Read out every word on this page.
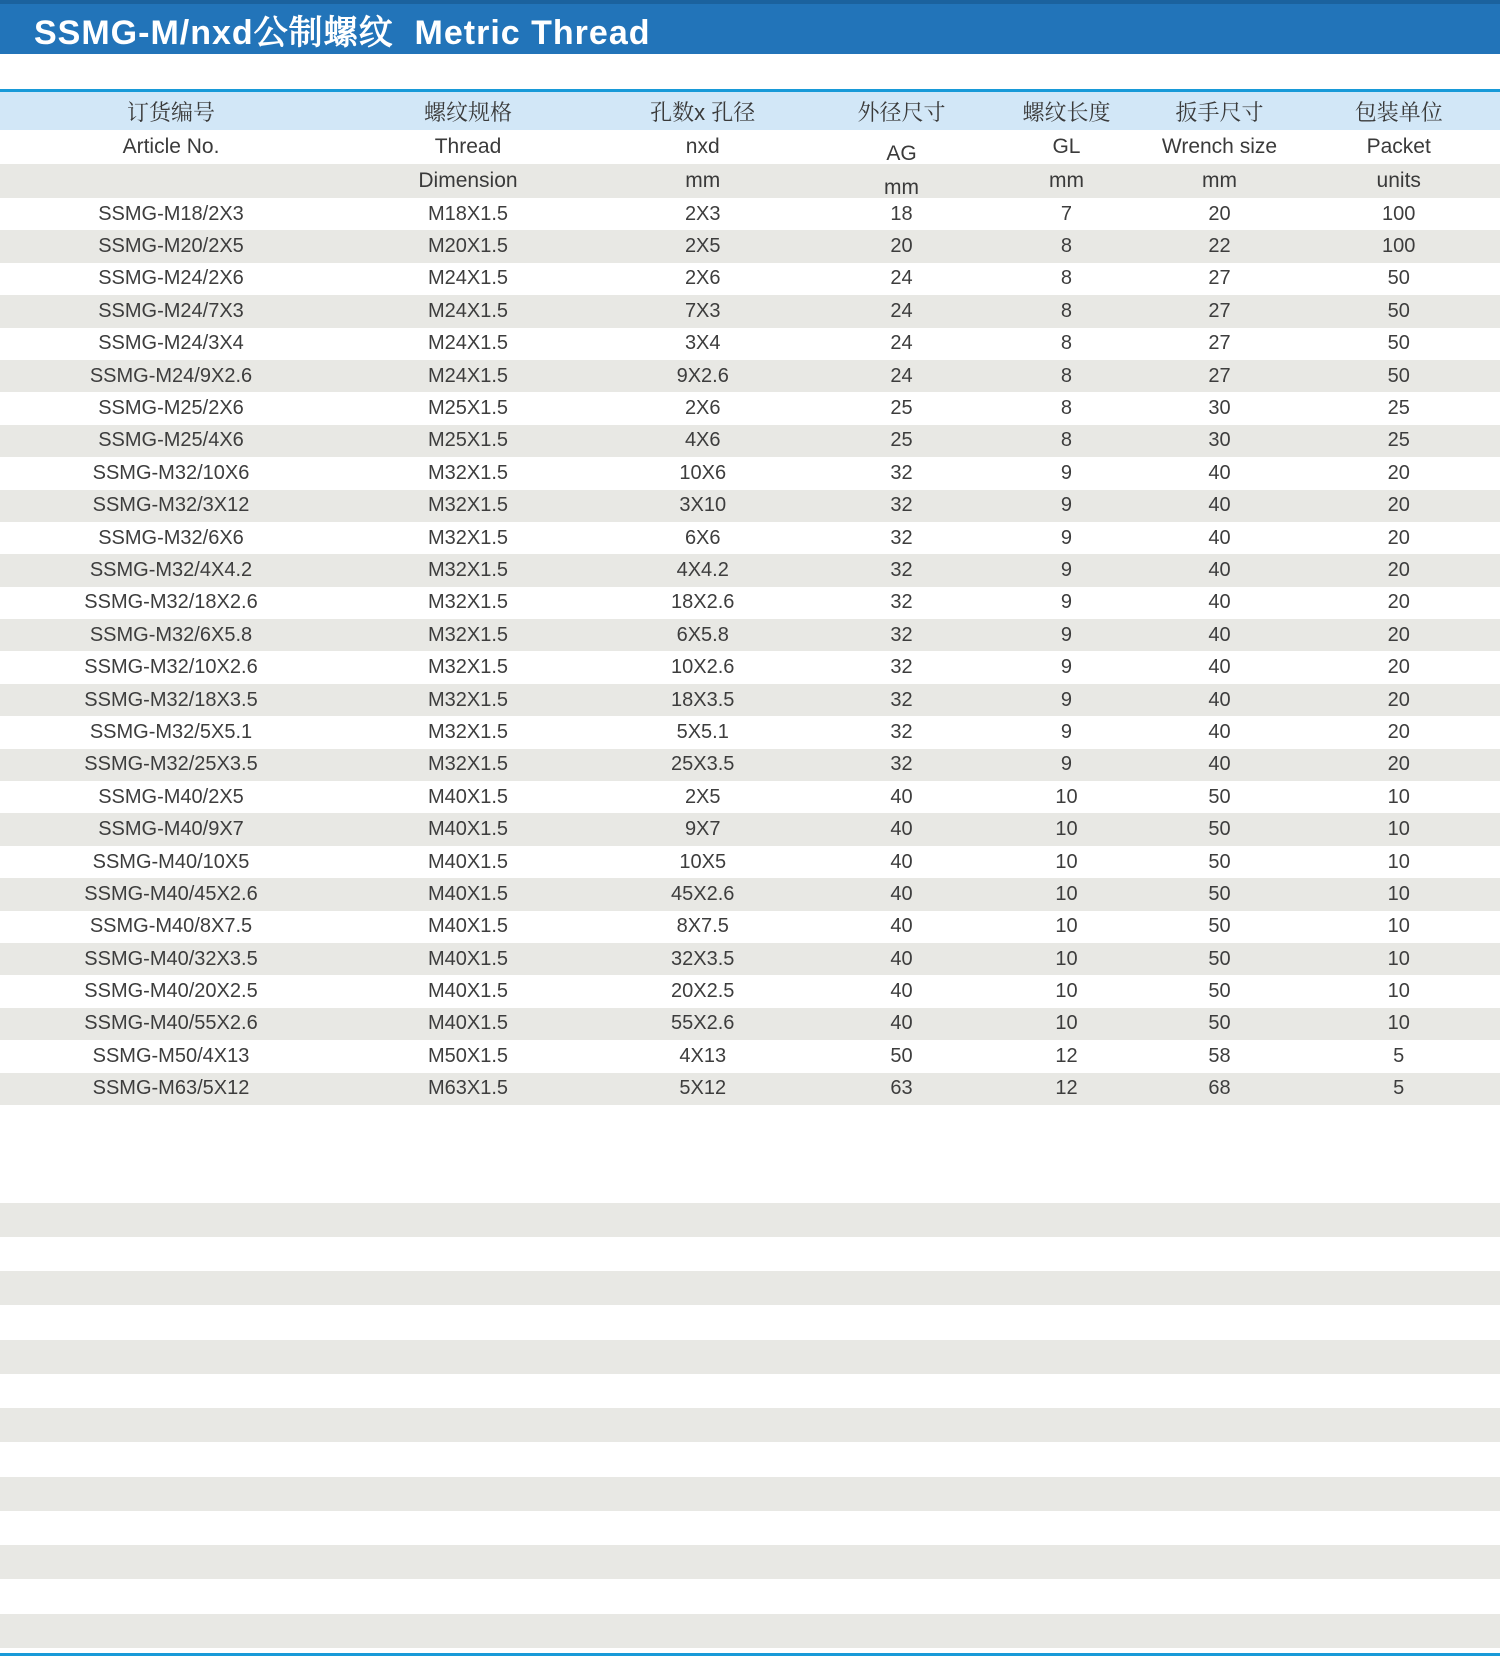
SSMG-M/nxd公制螺纹  Metric Thread
订货编号	螺纹规格	孔数x 孔径	外径尺寸	螺纹长度	扳手尺寸	包装单位
Article No.	Thread	nxd	AG	GL	Wrench size	Packet
	Dimension	mm	mm	mm	mm	units
SSMG-M18/2X3	M18X1.5	2X3	18	7	20	100
SSMG-M20/2X5	M20X1.5	2X5	20	8	22	100
SSMG-M24/2X6	M24X1.5	2X6	24	8	27	50
SSMG-M24/7X3	M24X1.5	7X3	24	8	27	50
SSMG-M24/3X4	M24X1.5	3X4	24	8	27	50
SSMG-M24/9X2.6	M24X1.5	9X2.6	24	8	27	50
SSMG-M25/2X6	M25X1.5	2X6	25	8	30	25
SSMG-M25/4X6	M25X1.5	4X6	25	8	30	25
SSMG-M32/10X6	M32X1.5	10X6	32	9	40	20
SSMG-M32/3X12	M32X1.5	3X10	32	9	40	20
SSMG-M32/6X6	M32X1.5	6X6	32	9	40	20
SSMG-M32/4X4.2	M32X1.5	4X4.2	32	9	40	20
SSMG-M32/18X2.6	M32X1.5	18X2.6	32	9	40	20
SSMG-M32/6X5.8	M32X1.5	6X5.8	32	9	40	20
SSMG-M32/10X2.6	M32X1.5	10X2.6	32	9	40	20
SSMG-M32/18X3.5	M32X1.5	18X3.5	32	9	40	20
SSMG-M32/5X5.1	M32X1.5	5X5.1	32	9	40	20
SSMG-M32/25X3.5	M32X1.5	25X3.5	32	9	40	20
SSMG-M40/2X5	M40X1.5	2X5	40	10	50	10
SSMG-M40/9X7	M40X1.5	9X7	40	10	50	10
SSMG-M40/10X5	M40X1.5	10X5	40	10	50	10
SSMG-M40/45X2.6	M40X1.5	45X2.6	40	10	50	10
SSMG-M40/8X7.5	M40X1.5	8X7.5	40	10	50	10
SSMG-M40/32X3.5	M40X1.5	32X3.5	40	10	50	10
SSMG-M40/20X2.5	M40X1.5	20X2.5	40	10	50	10
SSMG-M40/55X2.6	M40X1.5	55X2.6	40	10	50	10
SSMG-M50/4X13	M50X1.5	4X13	50	12	58	5
SSMG-M63/5X12	M63X1.5	5X12	63	12	68	5
